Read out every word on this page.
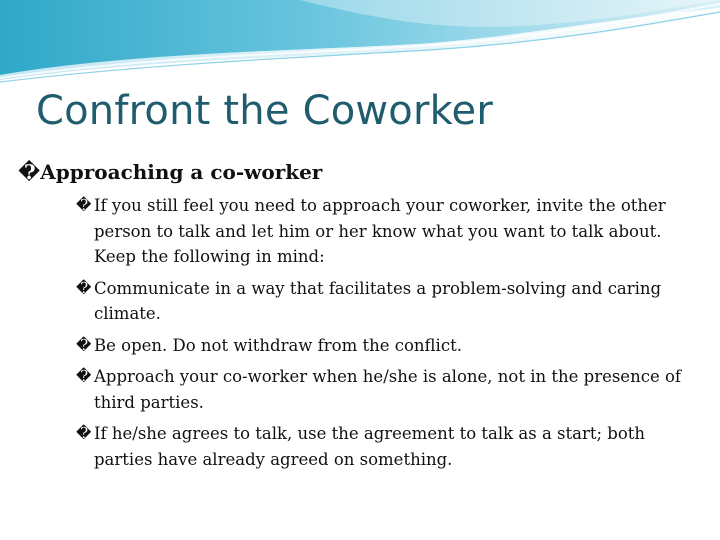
Confront the Coworker
�Approaching a co-worker
� If you still feel you need to approach your coworker, invite the other person to talk and let him or her know what you want to talk about. Keep the following in mind:
� Communicate in a way that facilitates a problem-solving and caring climate.
� Be open. Do not withdraw from the conflict.
� Approach your co-worker when he/she is alone, not in the presence of third parties.
� If he/she agrees to talk, use the agreement to talk as a start; both parties have already agreed on something.
